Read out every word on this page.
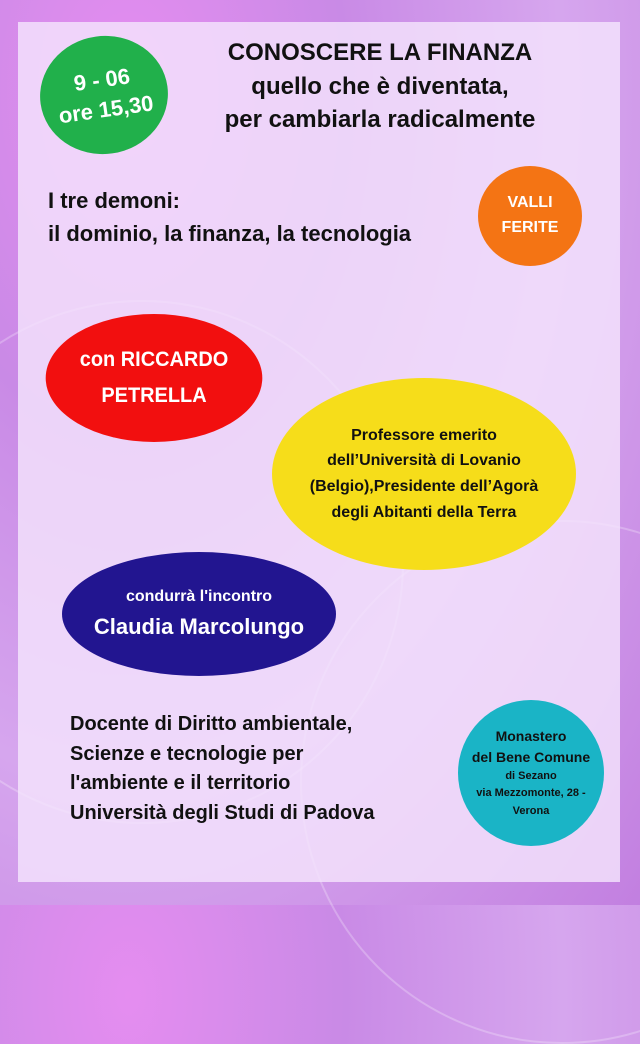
9 - 06
ore 15,30
CONOSCERE LA FINANZA
quello che è diventata,
per cambiarla radicalmente
I tre demoni:
il dominio, la finanza, la tecnologia
VALLI
FERITE
con RICCARDO
PETRELLA
Professore emerito
dell’Università di Lovanio
(Belgio),Presidente dell’Agorà
degli Abitanti della Terra
condurrà l'incontro
Claudia Marcolungo
Docente di Diritto ambientale,
Scienze e tecnologie per
l'ambiente e il territorio
Università degli Studi di Padova
Monastero
del Bene Comune
di Sezano
via Mezzomonte, 28 -
Verona
